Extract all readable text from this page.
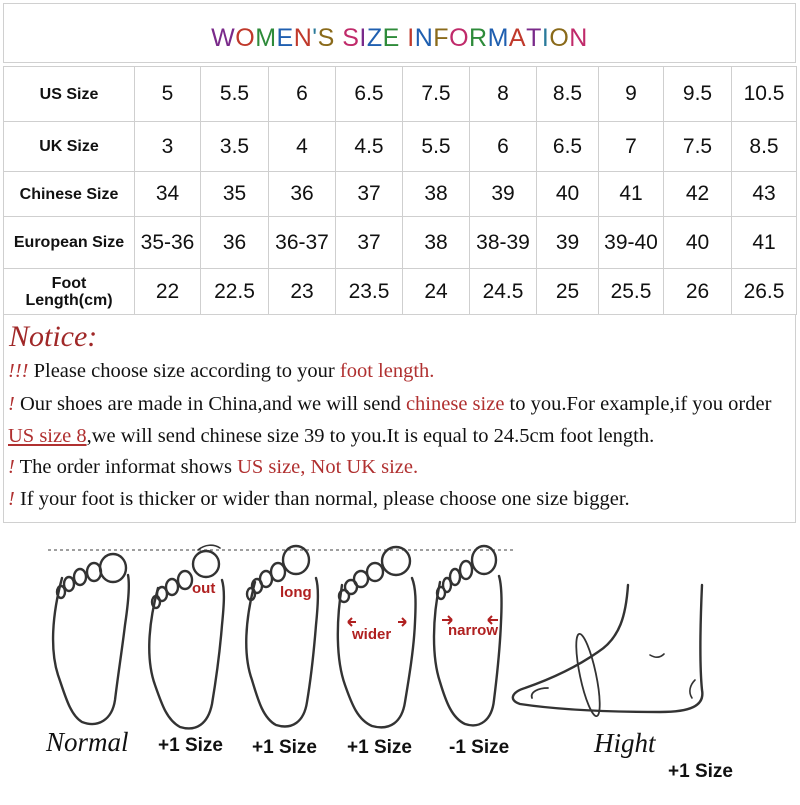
WOMEN'S SIZE INFORMATION
US Size	5	5.5	6	6.5	7.5	8	8.5	9	9.5	10.5
UK Size	3	3.5	4	4.5	5.5	6	6.5	7	7.5	8.5
Chinese Size	34	35	36	37	38	39	40	41	42	43
European Size	35-36	36	36-37	37	38	38-39	39	39-40	40	41
Foot
Length(cm)	22	22.5	23	23.5	24	24.5	25	25.5	26	26.5
Notice:
!!! Please choose size according to your foot length.
! Our shoes are made in China,and we will send chinese size to you.For example,if you order
US size 8,we will send chinese size 39 to you.It is equal to 24.5cm foot length.
! The order informat shows US size, Not UK size.
! If your foot is thicker or wider than normal, please choose one size bigger.
out	long
wider	narrow
Normal +1 Size +1 Size +1 Size -1 Size	Hight
+1 Size
